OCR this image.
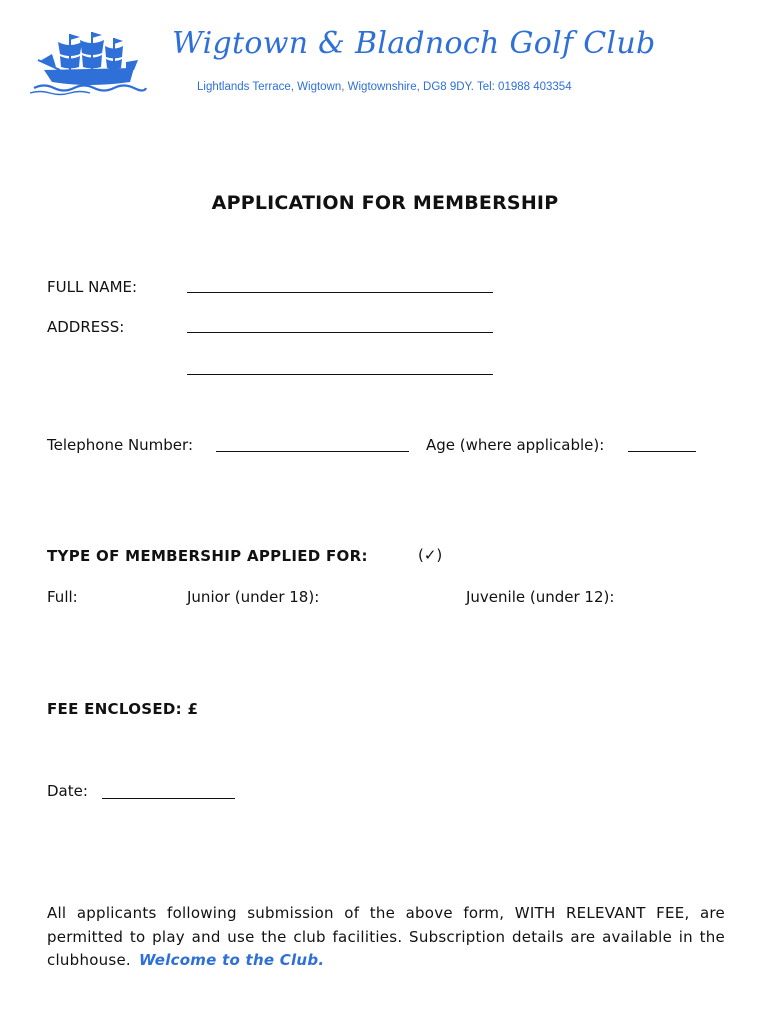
Wigtown & Bladnoch Golf Club
Lightlands Terrace, Wigtown, Wigtownshire, DG8 9DY. Tel: 01988 403354
APPLICATION FOR MEMBERSHIP
FULL NAME:
ADDRESS:
Telephone Number:	Age (where applicable):
TYPE OF MEMBERSHIP APPLIED FOR:	(✓)
Full:	Junior (under 18):	Juvenile (under 12):
FEE ENCLOSED: £
Date:
All applicants following submission of the above form, WITH RELEVANT FEE, are permitted to play and use the club facilities. Subscription details are available in the clubhouse. Welcome to the Club.
